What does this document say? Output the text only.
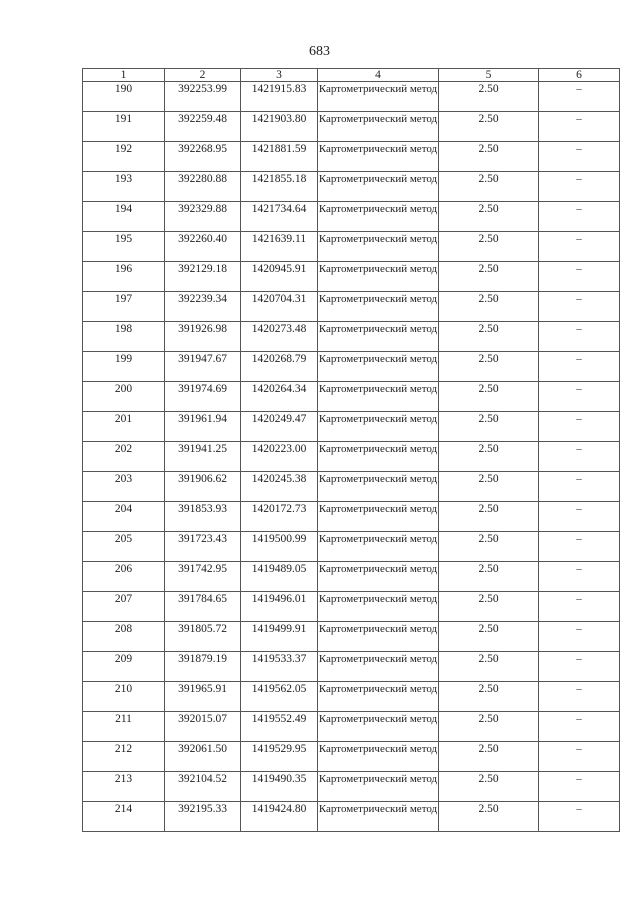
683
1	2	3	4	5	6
190	392253.99	1421915.83	Картометрический метод	2.50	–
191	392259.48	1421903.80	Картометрический метод	2.50	–
192	392268.95	1421881.59	Картометрический метод	2.50	–
193	392280.88	1421855.18	Картометрический метод	2.50	–
194	392329.88	1421734.64	Картометрический метод	2.50	–
195	392260.40	1421639.11	Картометрический метод	2.50	–
196	392129.18	1420945.91	Картометрический метод	2.50	–
197	392239.34	1420704.31	Картометрический метод	2.50	–
198	391926.98	1420273.48	Картометрический метод	2.50	–
199	391947.67	1420268.79	Картометрический метод	2.50	–
200	391974.69	1420264.34	Картометрический метод	2.50	–
201	391961.94	1420249.47	Картометрический метод	2.50	–
202	391941.25	1420223.00	Картометрический метод	2.50	–
203	391906.62	1420245.38	Картометрический метод	2.50	–
204	391853.93	1420172.73	Картометрический метод	2.50	–
205	391723.43	1419500.99	Картометрический метод	2.50	–
206	391742.95	1419489.05	Картометрический метод	2.50	–
207	391784.65	1419496.01	Картометрический метод	2.50	–
208	391805.72	1419499.91	Картометрический метод	2.50	–
209	391879.19	1419533.37	Картометрический метод	2.50	–
210	391965.91	1419562.05	Картометрический метод	2.50	–
211	392015.07	1419552.49	Картометрический метод	2.50	–
212	392061.50	1419529.95	Картометрический метод	2.50	–
213	392104.52	1419490.35	Картометрический метод	2.50	–
214	392195.33	1419424.80	Картометрический метод	2.50	–
